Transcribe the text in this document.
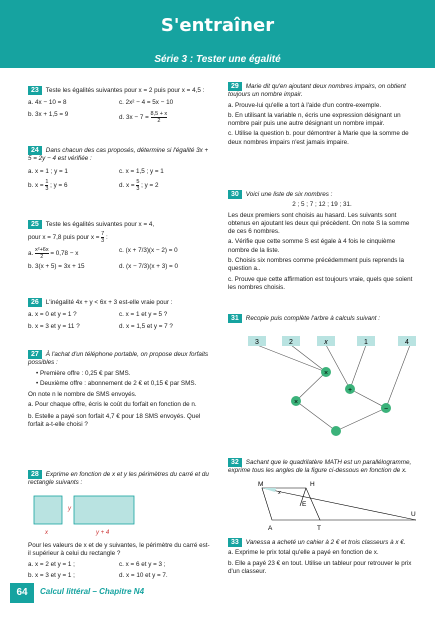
S'entraîner
Série 3 : Tester une égalité

23 Teste les égalités suivantes pour x = 2 puis pour x = 4,5 :

a. 4x − 10 = 8	c. 2x² − 4 = 5x − 10
b. 3x + 1,5 = 9	d. $3x - 7 = \frac{8,5 + x}{2}$

24 Dans chacun des cas proposés, détermine si l'égalité 3x + 5 = 2y − 4 est vérifiée :

a. x = 1 ; y = 1	c. x = 1,5 ; y = 1
b. $x = \frac{1}{3}$ ; y = 6	d. $x = \frac{5}{3}$ ; y = 2

25 Teste les égalités suivantes pour x = 4,

pour x = 7,8 puis pour $x = \frac{7}{3}$ :

a. $\frac{\text{x²+6x}}{2} = 0,78 - x$	c. (x + 7/3)(x − 2) = 0
b. 3(x + 5) = 3x + 15	d. (x − 7/3)(x + 3) = 0

26 L'inégalité 4x + y < 6x + 3 est-elle vraie pour :

a. x = 0 et y = 1 ?	c. x = 1 et y = 5 ?
b. x = 3 et y = 11 ?	d. x = 1,5 et y = 7 ?

27 À l'achat d'un téléphone portable, on propose deux forfaits possibles :

• Première offre : 0,25 € par SMS.

• Deuxième offre : abonnement de 2 € et 0,15 € par SMS.

On note n le nombre de SMS envoyés.

a. Pour chaque offre, écris le coût du forfait en fonction de n.

b. Estelle a payé son forfait 4,7 € pour 18 SMS envoyés. Quel forfait a-t-elle choisi ?

28 Exprime en fonction de x et y les périmètres du carré et du rectangle suivants :

y
x	y + 4

Pour les valeurs de x et de y suivantes, le périmètre du carré est-il supérieur à celui du rectangle ?

a. x = 2 et y = 1 ;	c. x = 6 et y = 3 ;
b. x = 3 et y = 1 ;	d. x = 10 et y = 7.

29 Marie dit qu'en ajoutant deux nombres impairs, on obtient toujours un nombre impair.

a. Prouve-lui qu'elle a tort à l'aide d'un contre-exemple.

b. En utilisant la variable n, écris une expression désignant un nombre pair puis une autre désignant un nombre impair.

c. Utilise la question b. pour démontrer à Marie que la somme de deux nombres impairs n'est jamais impaire.

30 Voici une liste de six nombres :

2 ; 5 ; 7 ; 12 ; 19 ; 31.

Les deux premiers sont choisis au hasard. Les suivants sont obtenus en ajoutant les deux qui précèdent. On note S la somme de ces 6 nombres.

a. Vérifie que cette somme S est égale à 4 fois le cinquième nombre de la liste.

b. Choisis six nombres comme précédemment puis reprends la question a..

c. Prouve que cette affirmation est toujours vraie, quels que soient les nombres choisis.

31 Recopie puis complète l'arbre à calculs suivant :

×
+
×
−
3	2	x	1	4

32 Sachant que le quadrilatère MATH est un parallélogramme, exprime tous les angles de la figure ci-dessous en fonction de x.

M	H
E
A	T
U
x

33 Vanessa a acheté un cahier à 2 € et trois classeurs à x €.

a. Exprime le prix total qu'elle a payé en fonction de x.

b. Elle a payé 23 € en tout. Utilise un tableur pour retrouver le prix d'un classeur.

64	Calcul littéral – Chapitre N4
